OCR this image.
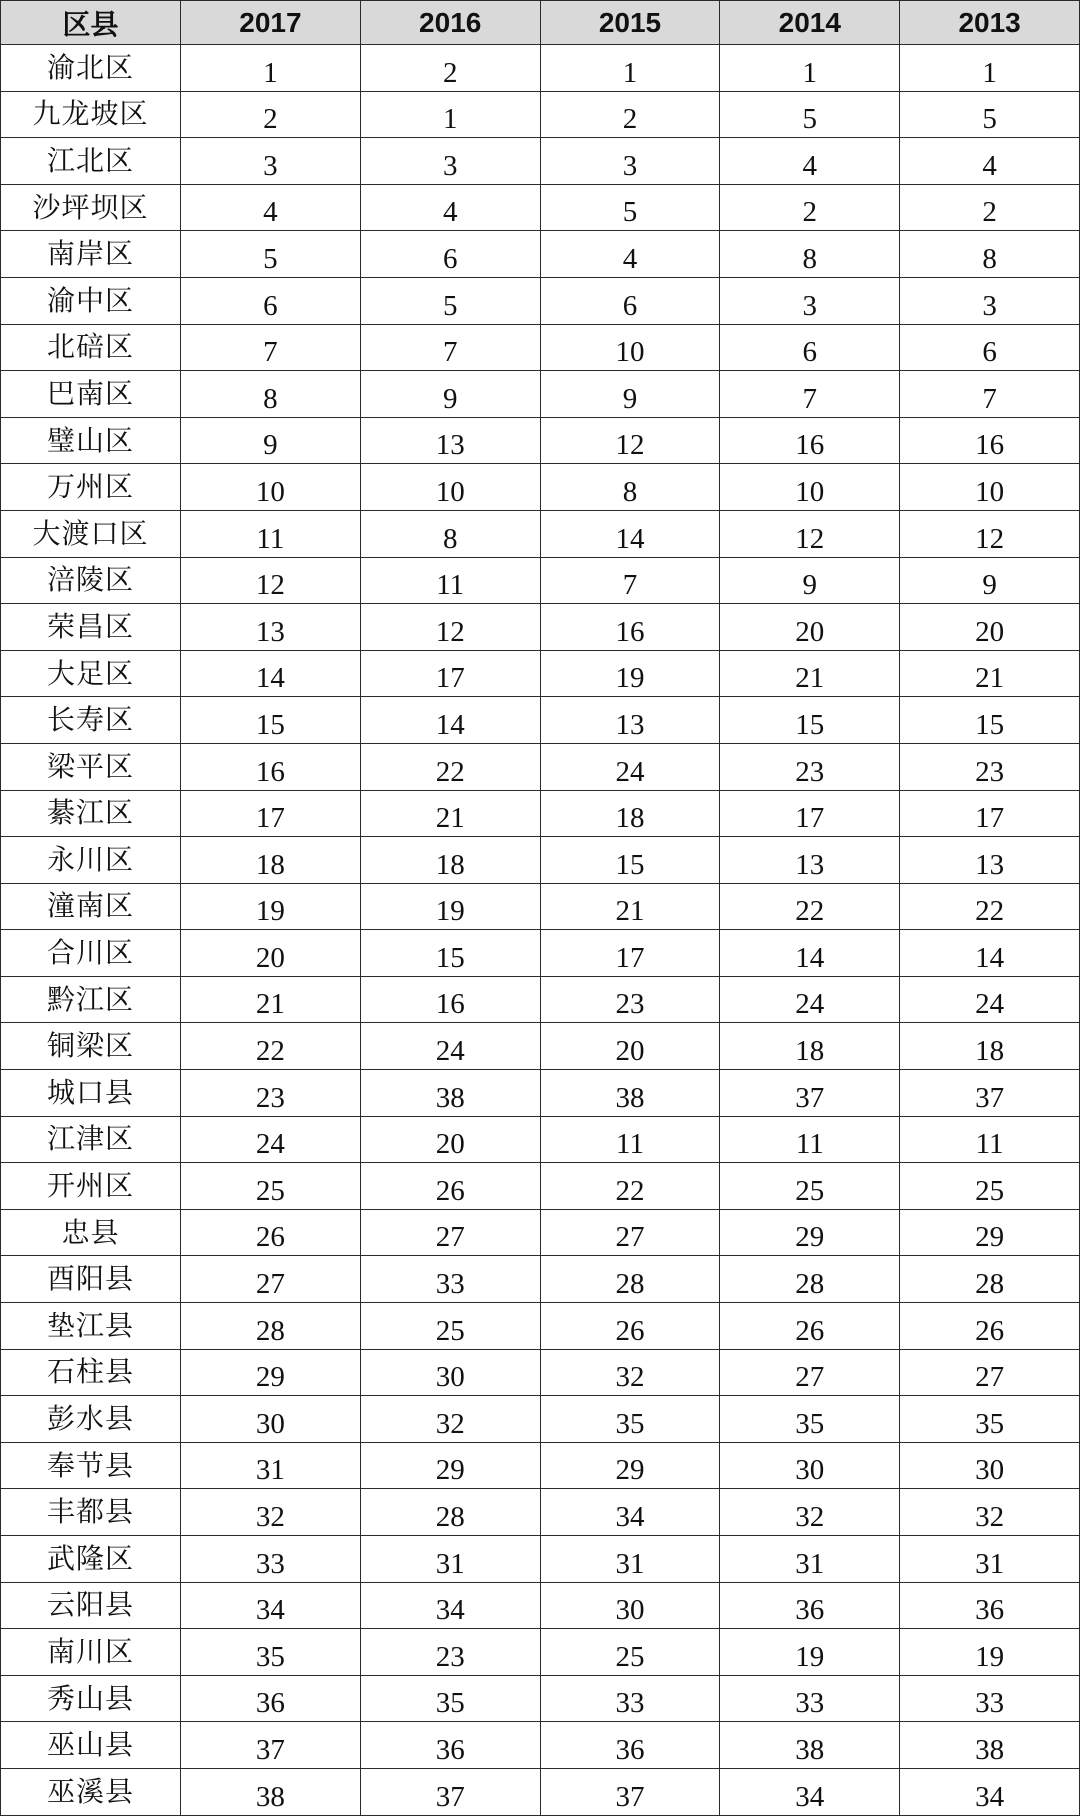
区县	2017	2016	2015	2014	2013
渝北区	1	2	1	1	1
九龙坡区	2	1	2	5	5
江北区	3	3	3	4	4
沙坪坝区	4	4	5	2	2
南岸区	5	6	4	8	8
渝中区	6	5	6	3	3
北碚区	7	7	10	6	6
巴南区	8	9	9	7	7
璧山区	9	13	12	16	16
万州区	10	10	8	10	10
大渡口区	11	8	14	12	12
涪陵区	12	11	7	9	9
荣昌区	13	12	16	20	20
大足区	14	17	19	21	21
长寿区	15	14	13	15	15
梁平区	16	22	24	23	23
綦江区	17	21	18	17	17
永川区	18	18	15	13	13
潼南区	19	19	21	22	22
合川区	20	15	17	14	14
黔江区	21	16	23	24	24
铜梁区	22	24	20	18	18
城口县	23	38	38	37	37
江津区	24	20	11	11	11
开州区	25	26	22	25	25
忠县	26	27	27	29	29
酉阳县	27	33	28	28	28
垫江县	28	25	26	26	26
石柱县	29	30	32	27	27
彭水县	30	32	35	35	35
奉节县	31	29	29	30	30
丰都县	32	28	34	32	32
武隆区	33	31	31	31	31
云阳县	34	34	30	36	36
南川区	35	23	25	19	19
秀山县	36	35	33	33	33
巫山县	37	36	36	38	38
巫溪县	38	37	37	34	34
